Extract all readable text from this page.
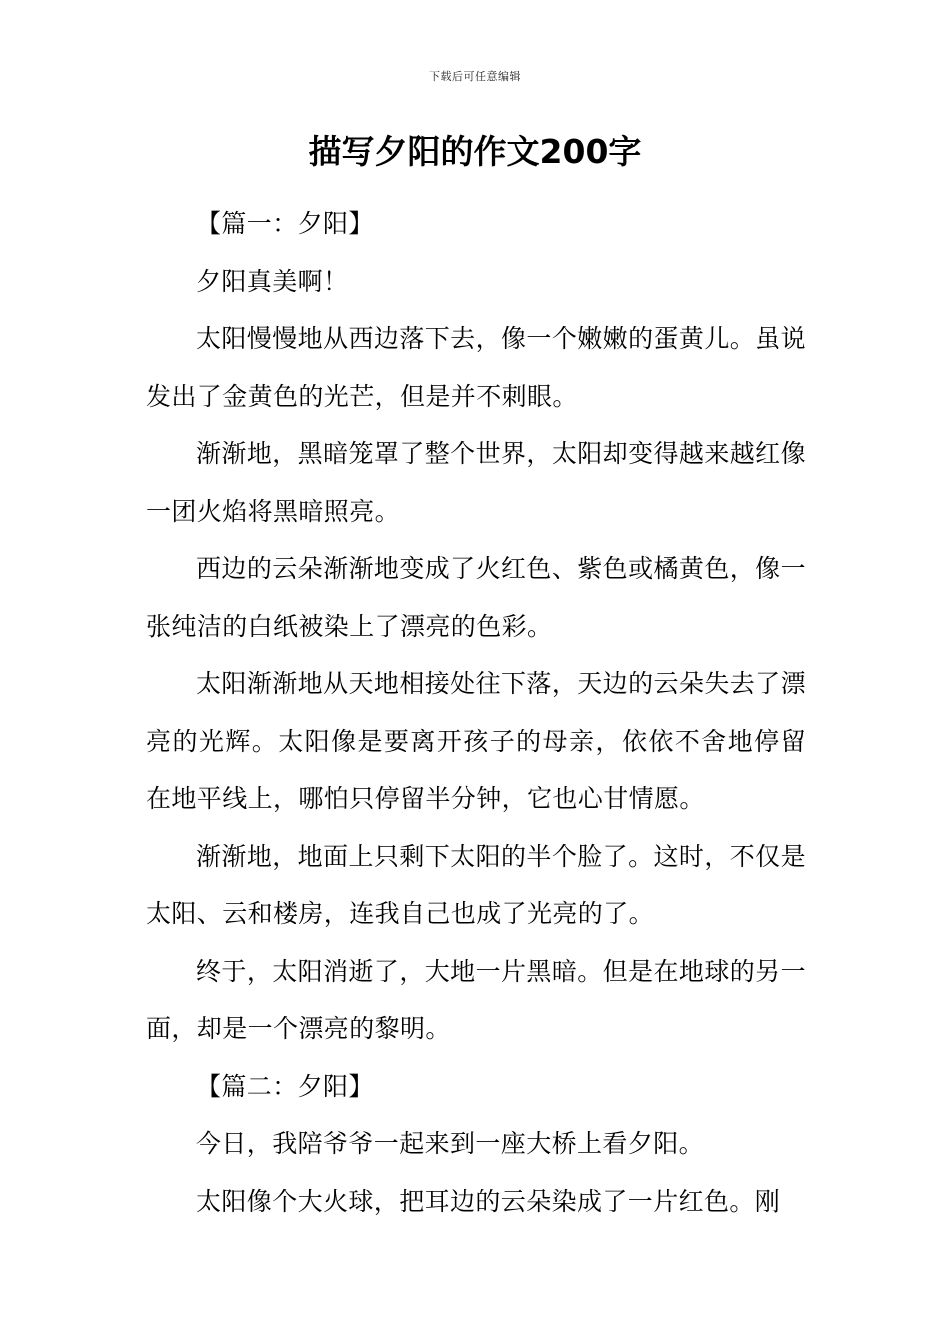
下载后可任意编辑
描写夕阳的作文200字

【篇一：夕阳】

夕阳真美啊！

太阳慢慢地从西边落下去，像一个嫩嫩的蛋黄儿。虽说发出了金黄色的光芒，但是并不刺眼。

渐渐地，黑暗笼罩了整个世界，太阳却变得越来越红像一团火焰将黑暗照亮。

西边的云朵渐渐地变成了火红色、紫色或橘黄色，像一张纯洁的白纸被染上了漂亮的色彩。

太阳渐渐地从天地相接处往下落，天边的云朵失去了漂亮的光辉。太阳像是要离开孩子的母亲，依依不舍地停留在地平线上，哪怕只停留半分钟，它也心甘情愿。

渐渐地，地面上只剩下太阳的半个脸了。这时，不仅是太阳、云和楼房，连我自己也成了光亮的了。

终于，太阳消逝了，大地一片黑暗。但是在地球的另一面，却是一个漂亮的黎明。

【篇二：夕阳】

今日，我陪爷爷一起来到一座大桥上看夕阳。

太阳像个大火球，把耳边的云朵染成了一片红色。刚
